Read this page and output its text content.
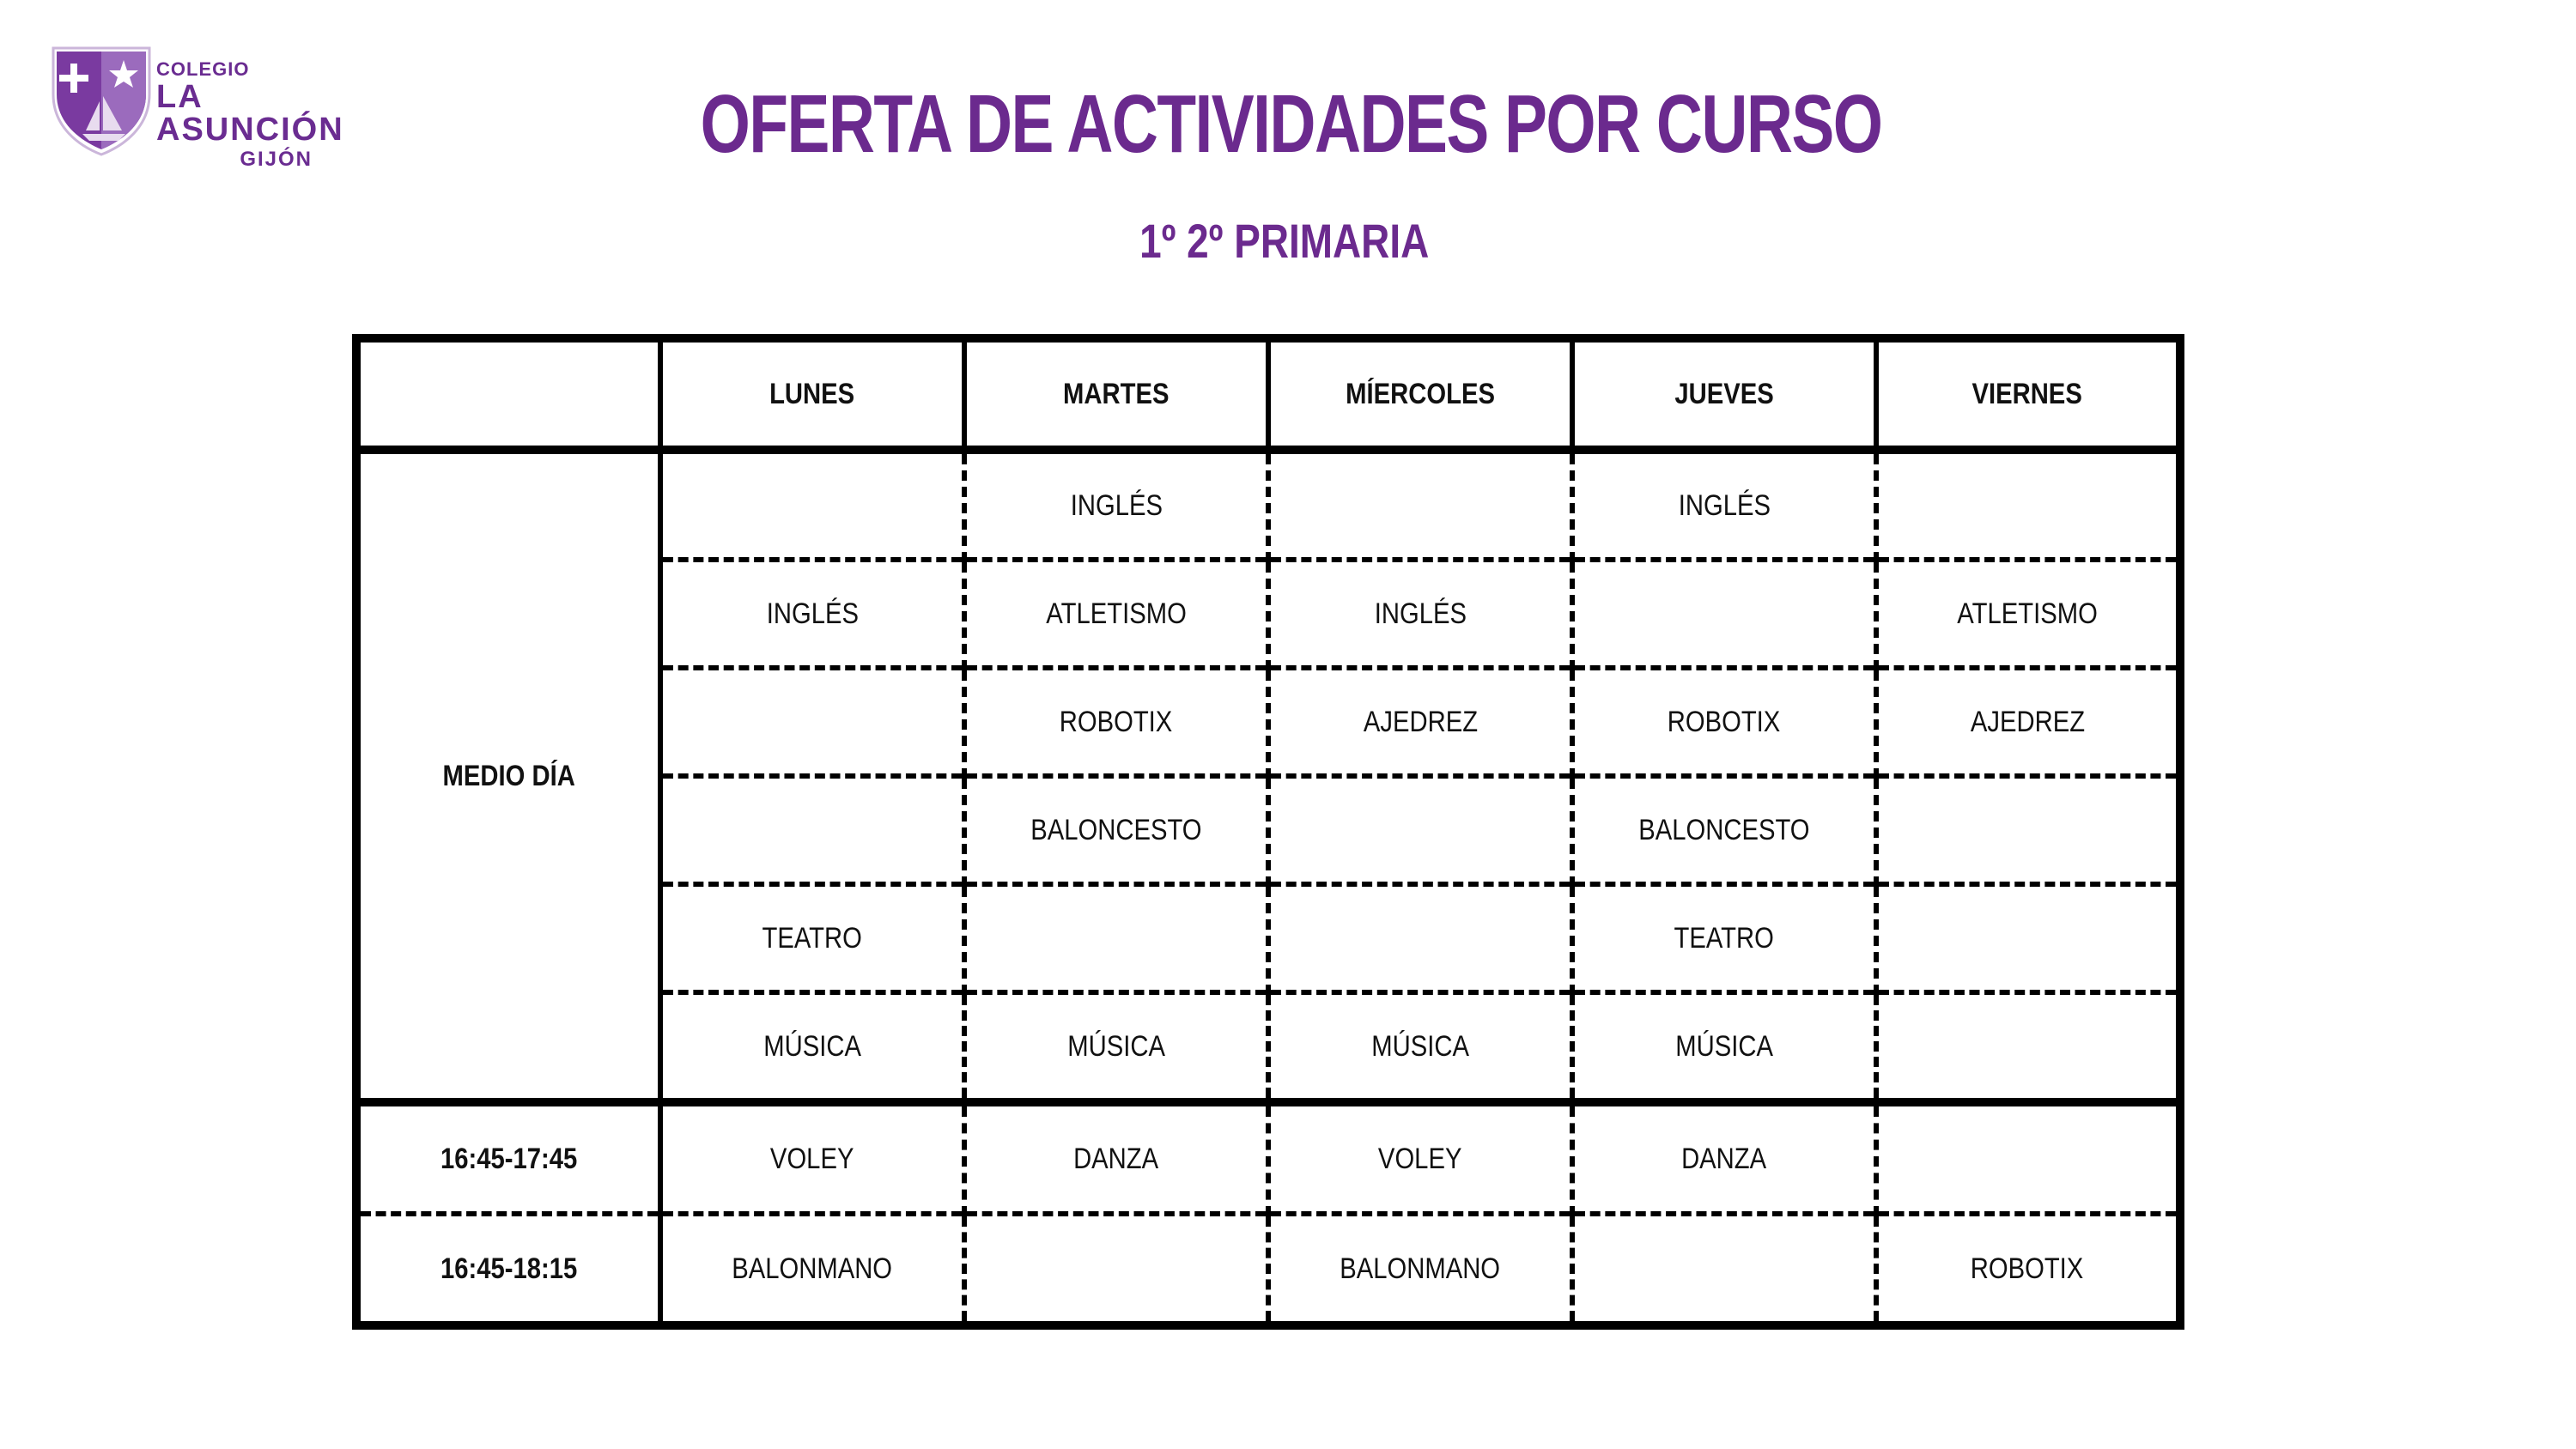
COLEGIO
LA ASUNCIÓN
GIJÓN	OFERTA DE ACTIVIDADES POR CURSO
1º 2º PRIMARIA
	LUNES	MARTES	MÍERCOLES	JUEVES	VIERNES
MEDIO DÍA		INGLÉS		INGLÉS	
	INGLÉS	ATLETISMO	INGLÉS		ATLETISMO
		ROBOTIX	AJEDREZ	ROBOTIX	AJEDREZ
		BALONCESTO		BALONCESTO	
	TEATRO			TEATRO	
	MÚSICA	MÚSICA	MÚSICA	MÚSICA	
16:45-17:45	VOLEY	DANZA	VOLEY	DANZA	
16:45-18:15	BALONMANO		BALONMANO		ROBOTIX
